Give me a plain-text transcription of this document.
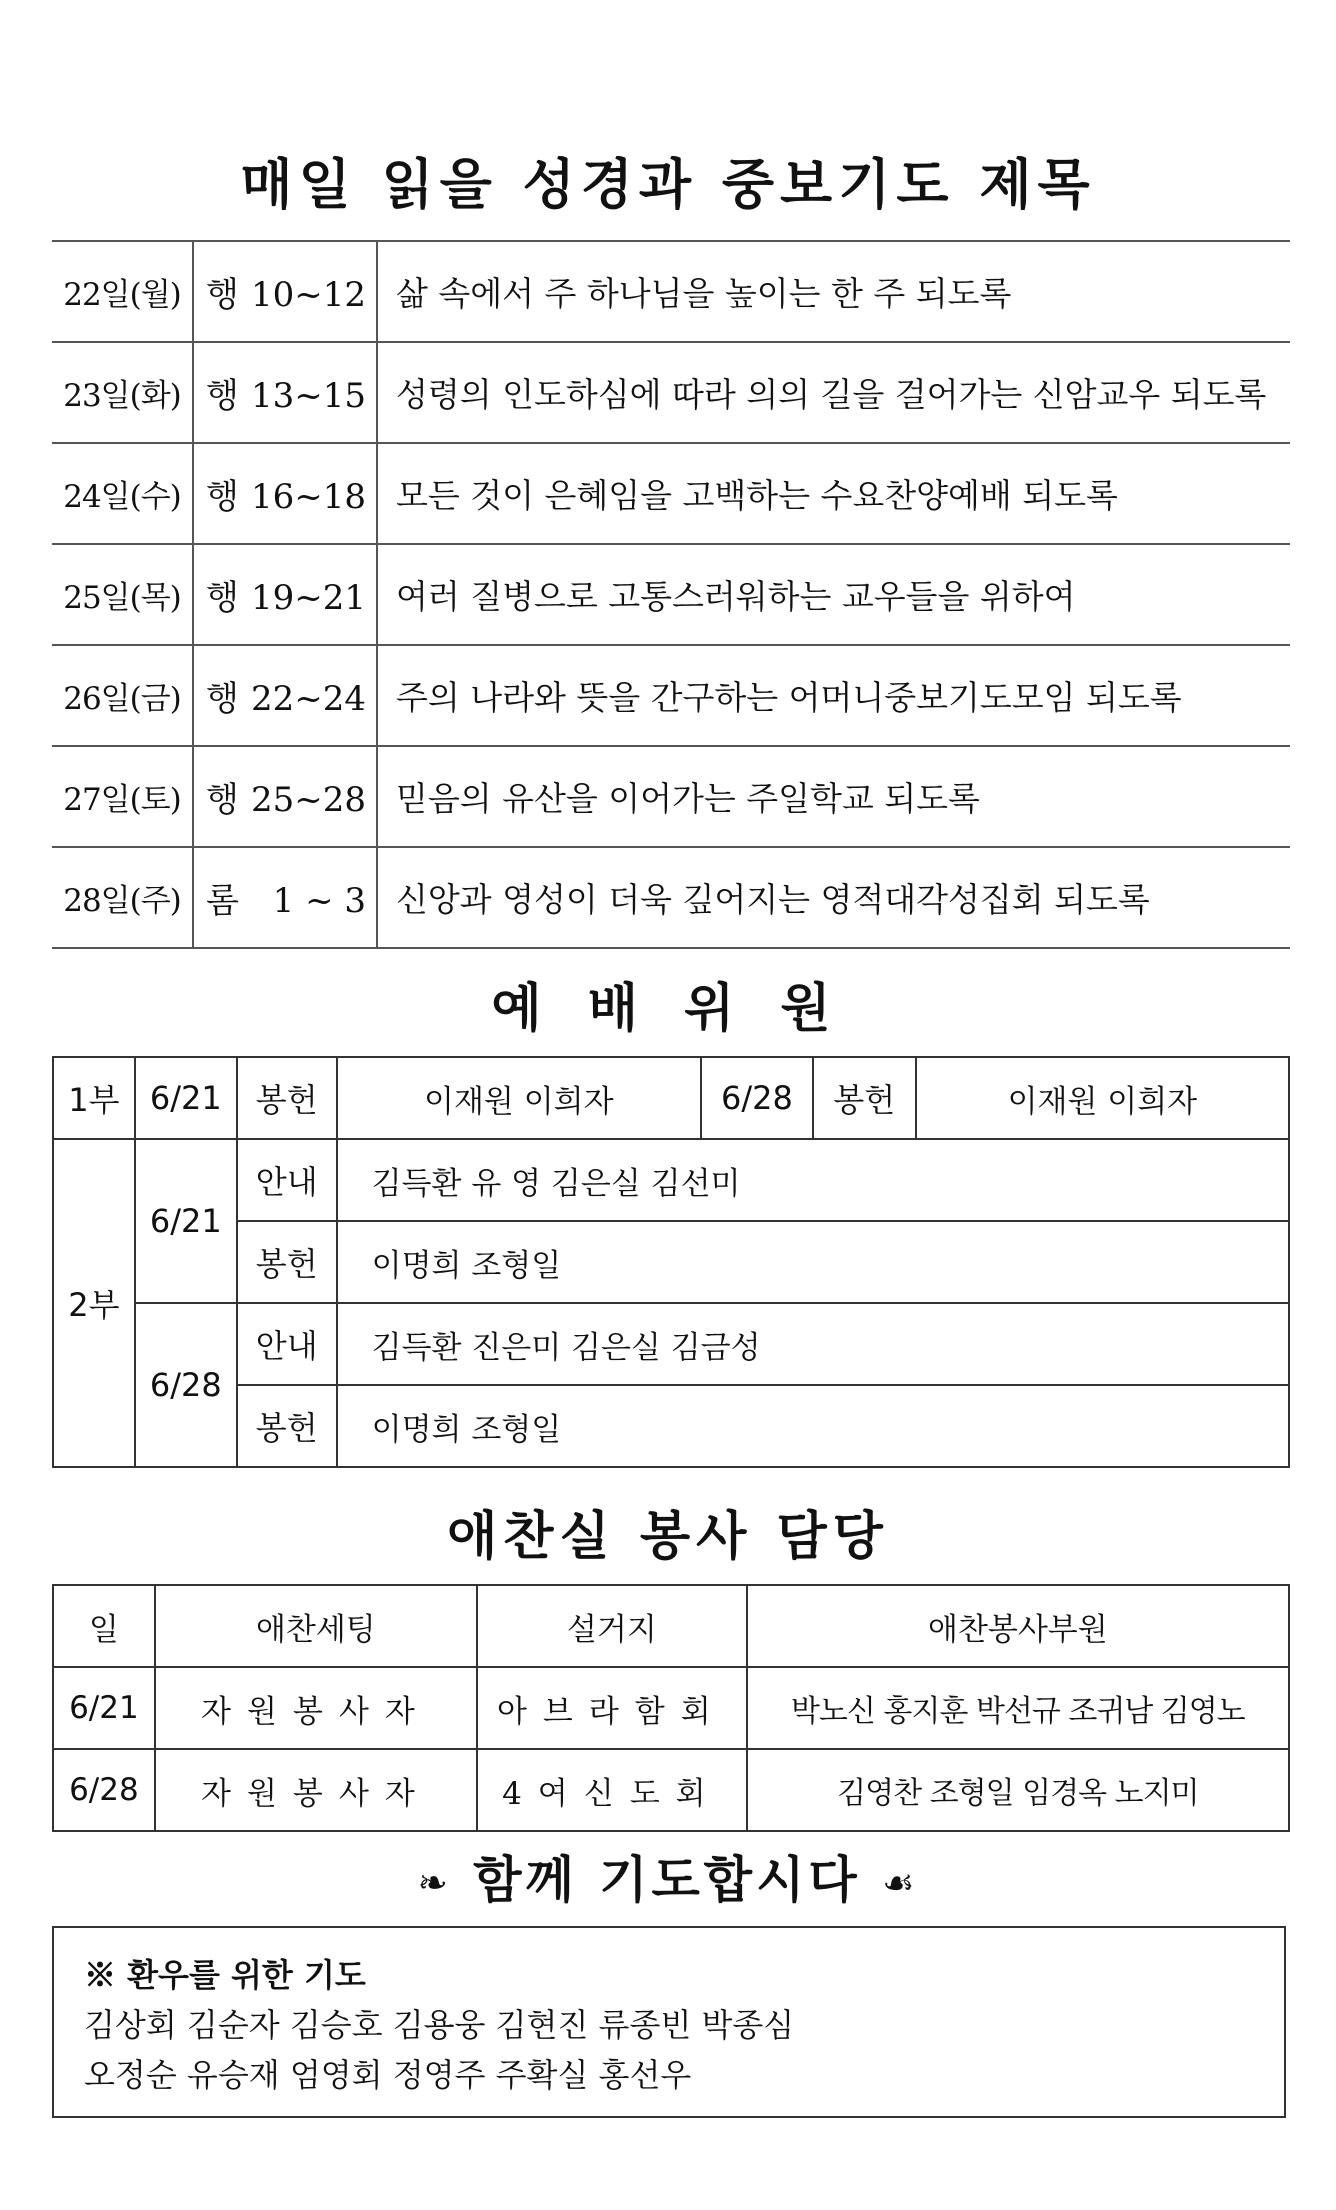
매일 읽을 성경과 중보기도 제목
22일(월)	행 10~12	삶 속에서 주 하나님을 높이는 한 주 되도록
23일(화)	행 13~15	성령의 인도하심에 따라 의의 길을 걸어가는 신암교우 되도록
24일(수)	행 16~18	모든 것이 은혜임을 고백하는 수요찬양예배 되도록
25일(목)	행 19~21	여러 질병으로 고통스러워하는 교우들을 위하여
26일(금)	행 22~24	주의 나라와 뜻을 간구하는 어머니중보기도모임 되도록
27일(토)	행 25~28	믿음의 유산을 이어가는 주일학교 되도록
28일(주)	롬 1 ~ 3	신앙과 영성이 더욱 깊어지는 영적대각성집회 되도록
예 배 위 원
1부	6/21	봉헌	이재원 이희자	6/28	봉헌	이재원 이희자
2부	6/21	안내	김득환 유 영 김은실 김선미			
		봉헌	이명희 조형일			
	6/28	안내	김득환 진은미 김은실 김금성			
		봉헌	이명희 조형일			
애찬실 봉사 담당
일	애찬세팅	설거지	애찬봉사부원
6/21	자원봉사자	아브라함회	박노신 홍지훈 박선규 조귀남 김영노
6/28	자원봉사자	4여신도회	김영찬 조형일 임경옥 노지미
❧ 함께 기도합시다 ☙
※ 환우를 위한 기도
김상회 김순자 김승호 김용웅 김현진 류종빈 박종심
오정순 유승재 엄영회 정영주 주확실 홍선우
